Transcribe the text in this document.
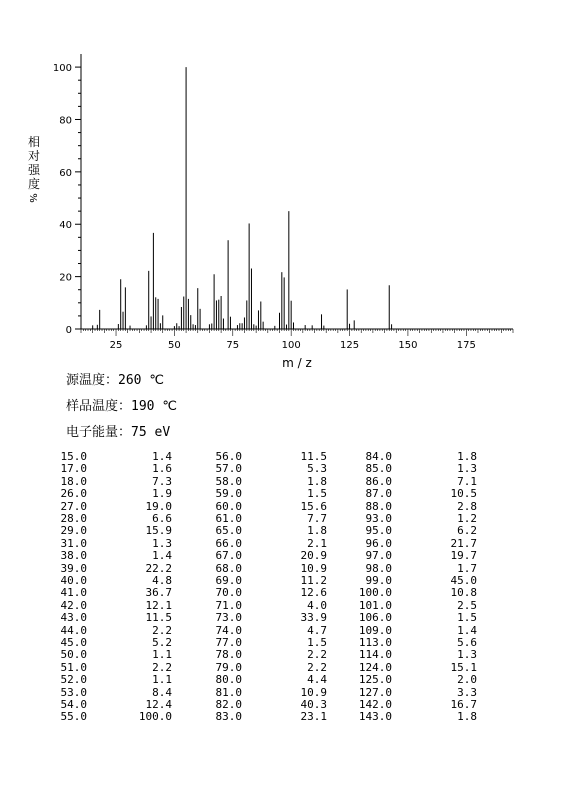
0
20
40
60
80
100
25	50	75	100	125	150	175
m / z
相
对
强
度
%
源温度：260 ℃
样品温度：190 ℃
电子能量：75 eV
15.0	1.4	56.0	11.5	84.0	1.8
17.0	1.6	57.0	5.3	85.0	1.3
18.0	7.3	58.0	1.8	86.0	7.1
26.0	1.9	59.0	1.5	87.0	10.5
27.0	19.0	60.0	15.6	88.0	2.8
28.0	6.6	61.0	7.7	93.0	1.2
29.0	15.9	65.0	1.8	95.0	6.2
31.0	1.3	66.0	2.1	96.0	21.7
38.0	1.4	67.0	20.9	97.0	19.7
39.0	22.2	68.0	10.9	98.0	1.7
40.0	4.8	69.0	11.2	99.0	45.0
41.0	36.7	70.0	12.6	100.0	10.8
42.0	12.1	71.0	4.0	101.0	2.5
43.0	11.5	73.0	33.9	106.0	1.5
44.0	2.2	74.0	4.7	109.0	1.4
45.0	5.2	77.0	1.5	113.0	5.6
50.0	1.1	78.0	2.2	114.0	1.3
51.0	2.2	79.0	2.2	124.0	15.1
52.0	1.1	80.0	4.4	125.0	2.0
53.0	8.4	81.0	10.9	127.0	3.3
54.0	12.4	82.0	40.3	142.0	16.7
55.0	100.0	83.0	23.1	143.0	1.8
